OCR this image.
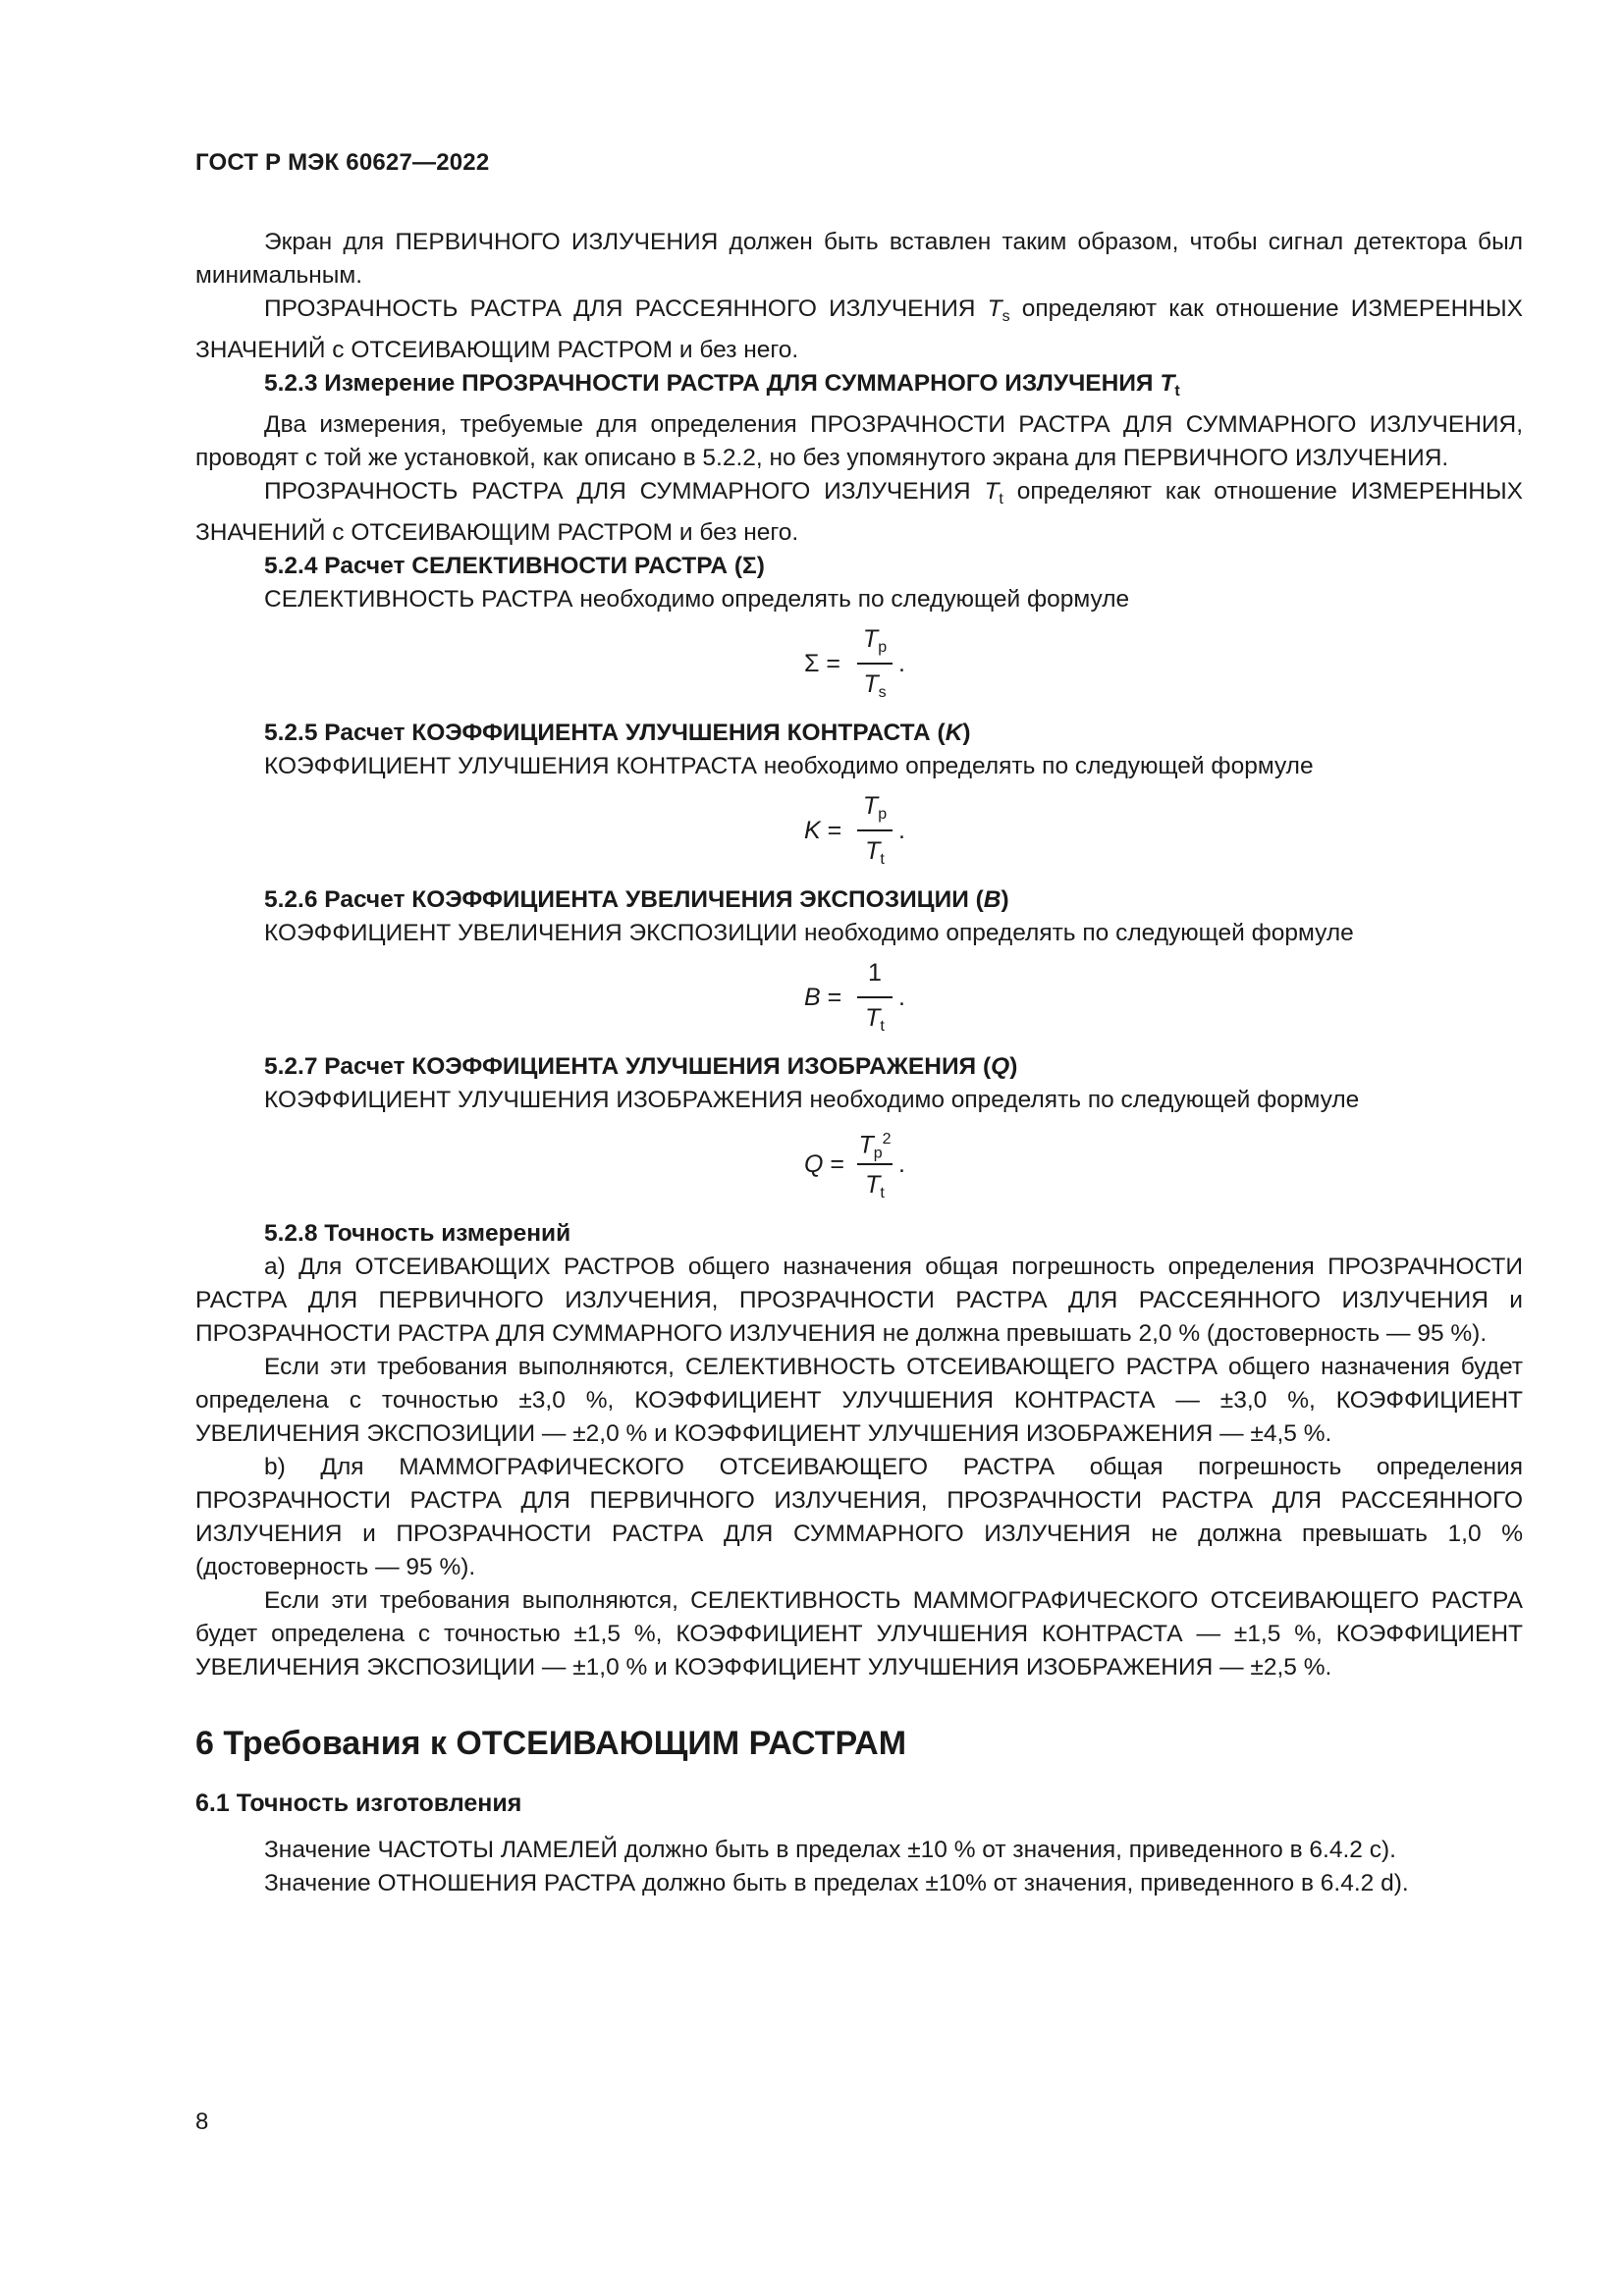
ГОСТ Р МЭК 60627—2022

Экран для ПЕРВИЧНОГО ИЗЛУЧЕНИЯ должен быть вставлен таким образом, чтобы сигнал детектора был минимальным.

ПРОЗРАЧНОСТЬ РАСТРА ДЛЯ РАССЕЯННОГО ИЗЛУЧЕНИЯ $T_s$ определяют как отношение ИЗМЕРЕННЫХ ЗНАЧЕНИЙ с ОТСЕИВАЮЩИМ РАСТРОМ и без него.

5.2.3 Измерение ПРОЗРАЧНОСТИ РАСТРА ДЛЯ СУММАРНОГО ИЗЛУЧЕНИЯ $T_t$

Два измерения, требуемые для определения ПРОЗРАЧНОСТИ РАСТРА ДЛЯ СУММАРНОГО ИЗЛУЧЕНИЯ, проводят с той же установкой, как описано в 5.2.2, но без упомянутого экрана для ПЕРВИЧНОГО ИЗЛУЧЕНИЯ.

ПРОЗРАЧНОСТЬ РАСТРА ДЛЯ СУММАРНОГО ИЗЛУЧЕНИЯ $T_t$ определяют как отношение ИЗМЕРЕННЫХ ЗНАЧЕНИЙ с ОТСЕИВАЮЩИМ РАСТРОМ и без него.

5.2.4 Расчет СЕЛЕКТИВНОСТИ РАСТРА (Σ)

СЕЛЕКТИВНОСТЬ РАСТРА необходимо определять по следующей формуле

Σ =
$T_p$
$T_s$
.

5.2.5 Расчет КОЭФФИЦИЕНТА УЛУЧШЕНИЯ КОНТРАСТА (K)

КОЭФФИЦИЕНТ УЛУЧШЕНИЯ КОНТРАСТА необходимо определять по следующей формуле

K =
$T_p$
$T_t$
.

5.2.6 Расчет КОЭФФИЦИЕНТА УВЕЛИЧЕНИЯ ЭКСПОЗИЦИИ (B)

КОЭФФИЦИЕНТ УВЕЛИЧЕНИЯ ЭКСПОЗИЦИИ необходимо определять по следующей формуле

B =
1
$T_t$
.

5.2.7 Расчет КОЭФФИЦИЕНТА УЛУЧШЕНИЯ ИЗОБРАЖЕНИЯ (Q)

КОЭФФИЦИЕНТ УЛУЧШЕНИЯ ИЗОБРАЖЕНИЯ необходимо определять по следующей формуле

Q =
$T_p^2$
$T_t$
.

5.2.8 Точность измерений

а) Для ОТСЕИВАЮЩИХ РАСТРОВ общего назначения общая погрешность определения ПРОЗРАЧНОСТИ РАСТРА ДЛЯ ПЕРВИЧНОГО ИЗЛУЧЕНИЯ, ПРОЗРАЧНОСТИ РАСТРА ДЛЯ РАССЕЯННОГО ИЗЛУЧЕНИЯ и ПРОЗРАЧНОСТИ РАСТРА ДЛЯ СУММАРНОГО ИЗЛУЧЕНИЯ не должна превышать 2,0 % (достоверность — 95 %).

Если эти требования выполняются, СЕЛЕКТИВНОСТЬ ОТСЕИВАЮЩЕГО РАСТРА общего назначения будет определена с точностью ±3,0 %, КОЭФФИЦИЕНТ УЛУЧШЕНИЯ КОНТРАСТА — ±3,0 %, КОЭФФИЦИЕНТ УВЕЛИЧЕНИЯ ЭКСПОЗИЦИИ — ±2,0 % и КОЭФФИЦИЕНТ УЛУЧШЕНИЯ ИЗОБРАЖЕНИЯ — ±4,5 %.

b) Для МАММОГРАФИЧЕСКОГО ОТСЕИВАЮЩЕГО РАСТРА общая погрешность определения ПРОЗРАЧНОСТИ РАСТРА ДЛЯ ПЕРВИЧНОГО ИЗЛУЧЕНИЯ, ПРОЗРАЧНОСТИ РАСТРА ДЛЯ РАССЕЯННОГО ИЗЛУЧЕНИЯ и ПРОЗРАЧНОСТИ РАСТРА ДЛЯ СУММАРНОГО ИЗЛУЧЕНИЯ не должна превышать 1,0 % (достоверность — 95 %).

Если эти требования выполняются, СЕЛЕКТИВНОСТЬ МАММОГРАФИЧЕСКОГО ОТСЕИВАЮЩЕГО РАСТРА будет определена с точностью ±1,5 %, КОЭФФИЦИЕНТ УЛУЧШЕНИЯ КОНТРАСТА — ±1,5 %, КОЭФФИЦИЕНТ УВЕЛИЧЕНИЯ ЭКСПОЗИЦИИ — ±1,0 % и КОЭФФИЦИЕНТ УЛУЧШЕНИЯ ИЗОБРАЖЕНИЯ — ±2,5 %.

6 Требования к ОТСЕИВАЮЩИМ РАСТРАМ
6.1 Точность изготовления

Значение ЧАСТОТЫ ЛАМЕЛЕЙ должно быть в пределах ±10 % от значения, приведенного в 6.4.2 с).

Значение ОТНОШЕНИЯ РАСТРА должно быть в пределах ±10% от значения, приведенного в 6.4.2 d).

8
